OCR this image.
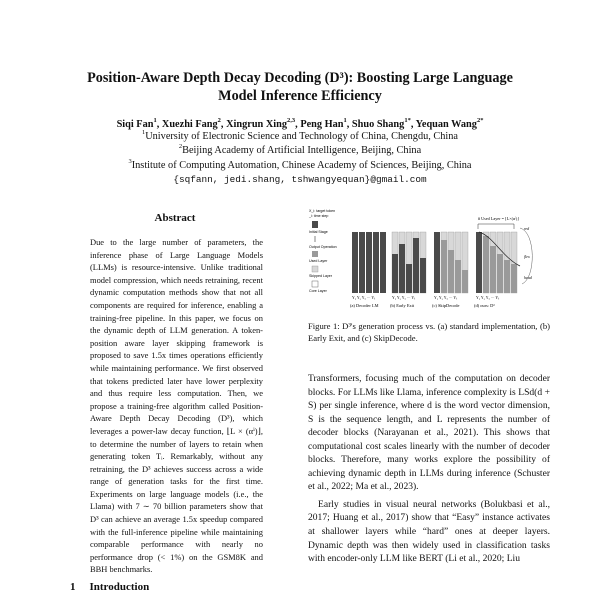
Position-Aware Depth Decay Decoding (D³): Boosting Large Language
Model Inference Efficiency
Siqi Fan$^1$, Xuezhi Fang$^2$, Xingrun Xing$^{2,3}$, Peng Han$^1$, Shuo Shang$^{1*}$, Yequan Wang$^{2*}$
$^1$University of Electronic Science and Technology of China, Chengdu, China
$^2$Beijing Academy of Artificial Intelligence, Beijing, China
$^3$Institute of Computing Automation, Chinese Academy of Sciences, Beijing, China
{sqfann, jedi.shang, tshwangyequan}@gmail.com
Abstract
Due to the large number of parameters, the inference phase of Large Language Models (LLMs) is resource-intensive. Unlike traditional model compression, which needs retraining, recent dynamic computation methods show that not all components are required for inference, enabling a training-free pipeline. In this paper, we focus on the dynamic depth of LLM generation. A token-position aware layer skipping framework is proposed to save 1.5x times operations efficiently while maintaining performance. We first observed that tokens predicted later have lower perplexity and thus require less computation. Then, we propose a training-free algorithm called Position-Aware Depth Decay Decoding (D³), which leverages a power-law decay function, ⌊L × (αⁱ)⌋, to determine the number of layers to retain when generating token Tᵢ. Remarkably, without any retraining, the D³ achieves success across a wide range of generation tasks for the first time. Experiments on large language models (i.e., the Llama) with 7 ∼ 70 billion parameters show that D³ can achieve an average 1.5x speedup compared with the full-inference pipeline while maintaining comparable performance with nearly no performance drop (< 1%) on the GSM8K and BBH benchmarks.
1 Introduction
X_i: target token
_i: time step
Initial Stage
Output Operation
Used Layer
Skipped Layer
Core Layer
# Used Layer = ⌊L×(αⁱ)⌋
red
flex
head
Y₁ Y₂ Y₃ ··· Yₜ	Y₁ Y₂ Y₃ ··· Yₜ	Y₁ Y₂ Y₃ ··· Yₜ	Y₁ Y₂ Y₃ ··· Yₜ
(a) Decoder LM	(b) Early Exit	(c) SkipDecode	(d) ours: D³
Figure 1: D³'s generation process vs. (a) standard implementation, (b) Early Exit, and (c) SkipDecode.

Transformers, focusing much of the computation on decoder blocks. For LLMs like Llama, inference complexity is LSd(d + S) per single inference, where d is the word vector dimension, S is the sequence length, and L represents the number of decoder blocks (Narayanan et al., 2021). This shows that computational cost scales linearly with the number of decoder blocks. Therefore, many works explore the possibility of achieving dynamic depth in LLMs during inference (Schuster et al., 2022; Ma et al., 2023).

Early studies in visual neural networks (Bolukbasi et al., 2017; Huang et al., 2017) show that “Easy” instance activates at shallower layers while “hard” ones at deeper layers. Dynamic depth was then widely used in classification tasks with encoder-only LLM like BERT (Li et al., 2020; Liu
